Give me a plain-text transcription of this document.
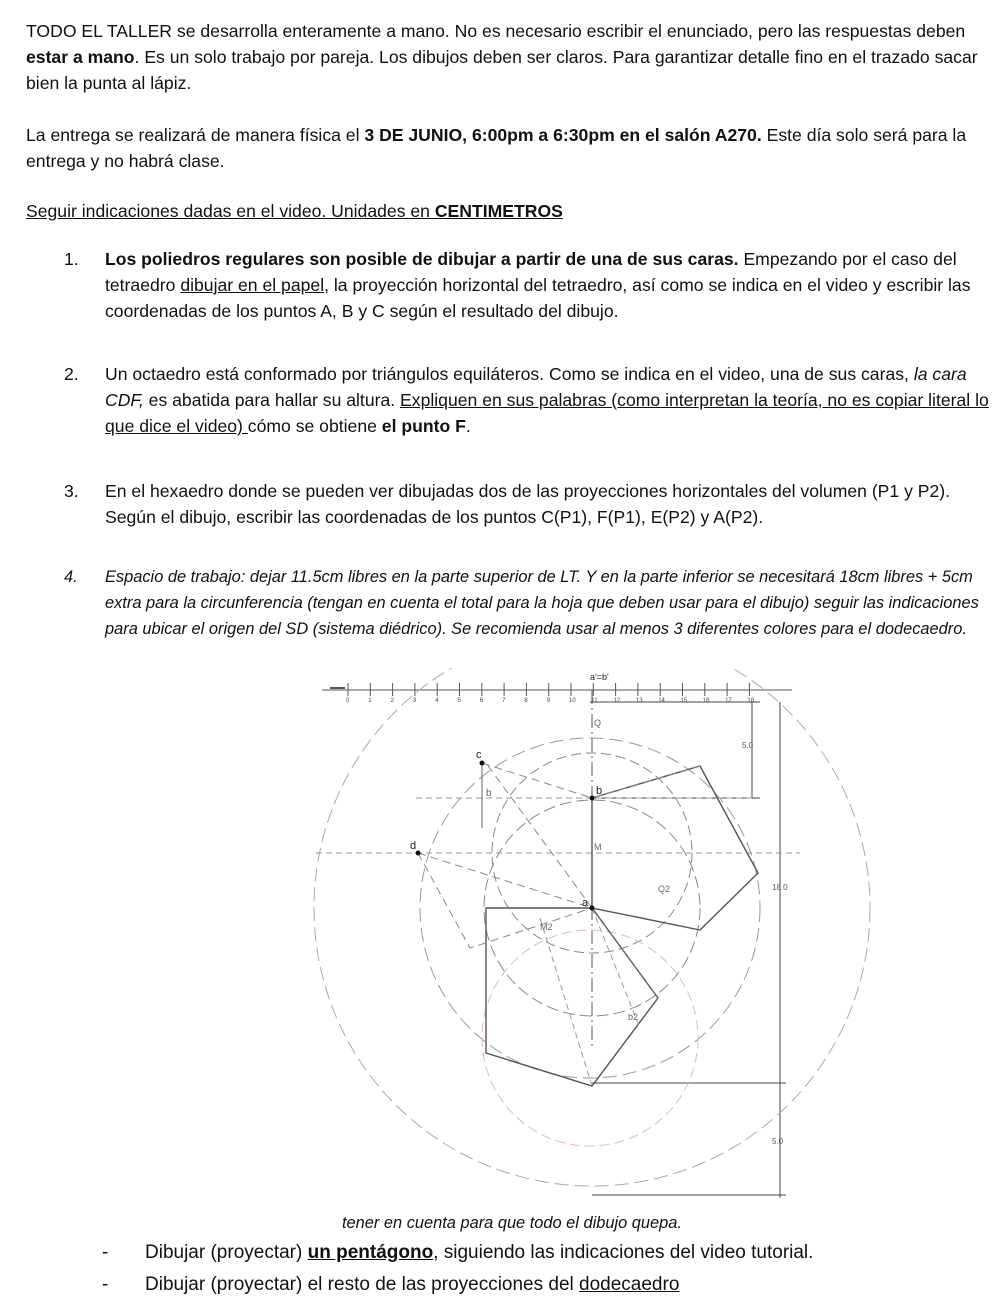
TODO EL TALLER se desarrolla enteramente a mano. No es necesario escribir el enunciado, pero las respuestas deben estar a mano. Es un solo trabajo por pareja. Los dibujos deben ser claros. Para garantizar detalle fino en el trazado sacar bien la punta al lápiz.

La entrega se realizará de manera física el 3 DE JUNIO, 6:00pm a 6:30pm en el salón A270. Este día solo será para la entrega y no habrá clase.

Seguir indicaciones dadas en el video. Unidades en CENTIMETROS

1.	Los poliedros regulares son posible de dibujar a partir de una de sus caras. Empezando por el caso del tetraedro dibujar en el papel, la proyección horizontal del tetraedro, así como se indica en el video y escribir las coordenadas de los puntos A, B y C según el resultado del dibujo.

2.	Un octaedro está conformado por triángulos equiláteros. Como se indica en el video, una de sus caras, la cara CDF, es abatida para hallar su altura. Expliquen en sus palabras (como interpretan la teoría, no es copiar literal lo que dice el video) cómo se obtiene el punto F.

3.	En el hexaedro donde se pueden ver dibujadas dos de las proyecciones horizontales del volumen (P1 y P2). Según el dibujo, escribir las coordenadas de los puntos C(P1), F(P1), E(P2) y A(P2).

4.	Espacio de trabajo: dejar 11.5cm libres en la parte superior de LT. Y en la parte inferior se necesitará 18cm libres + 5cm extra para la circunferencia (tengan en cuenta el total para la hoja que deben usar para el dibujo) seguir las indicaciones para ubicar el origen del SD (sistema diédrico). Se recomienda usar al menos 3 diferentes colores para el dodecaedro.

0	1	2	3	4	5	6	7	8	9	10	11	12	13	14	15	16	17	18
a'=b'
c
d
b
b
a
Q
M
Q2
M2
b2
5.0
18.0
5.0

tener en cuenta para que todo el dibujo quepa.

- Dibujar (proyectar) un pentágono, siguiendo las indicaciones del video tutorial.
- Dibujar (proyectar) el resto de las proyecciones del dodecaedro
